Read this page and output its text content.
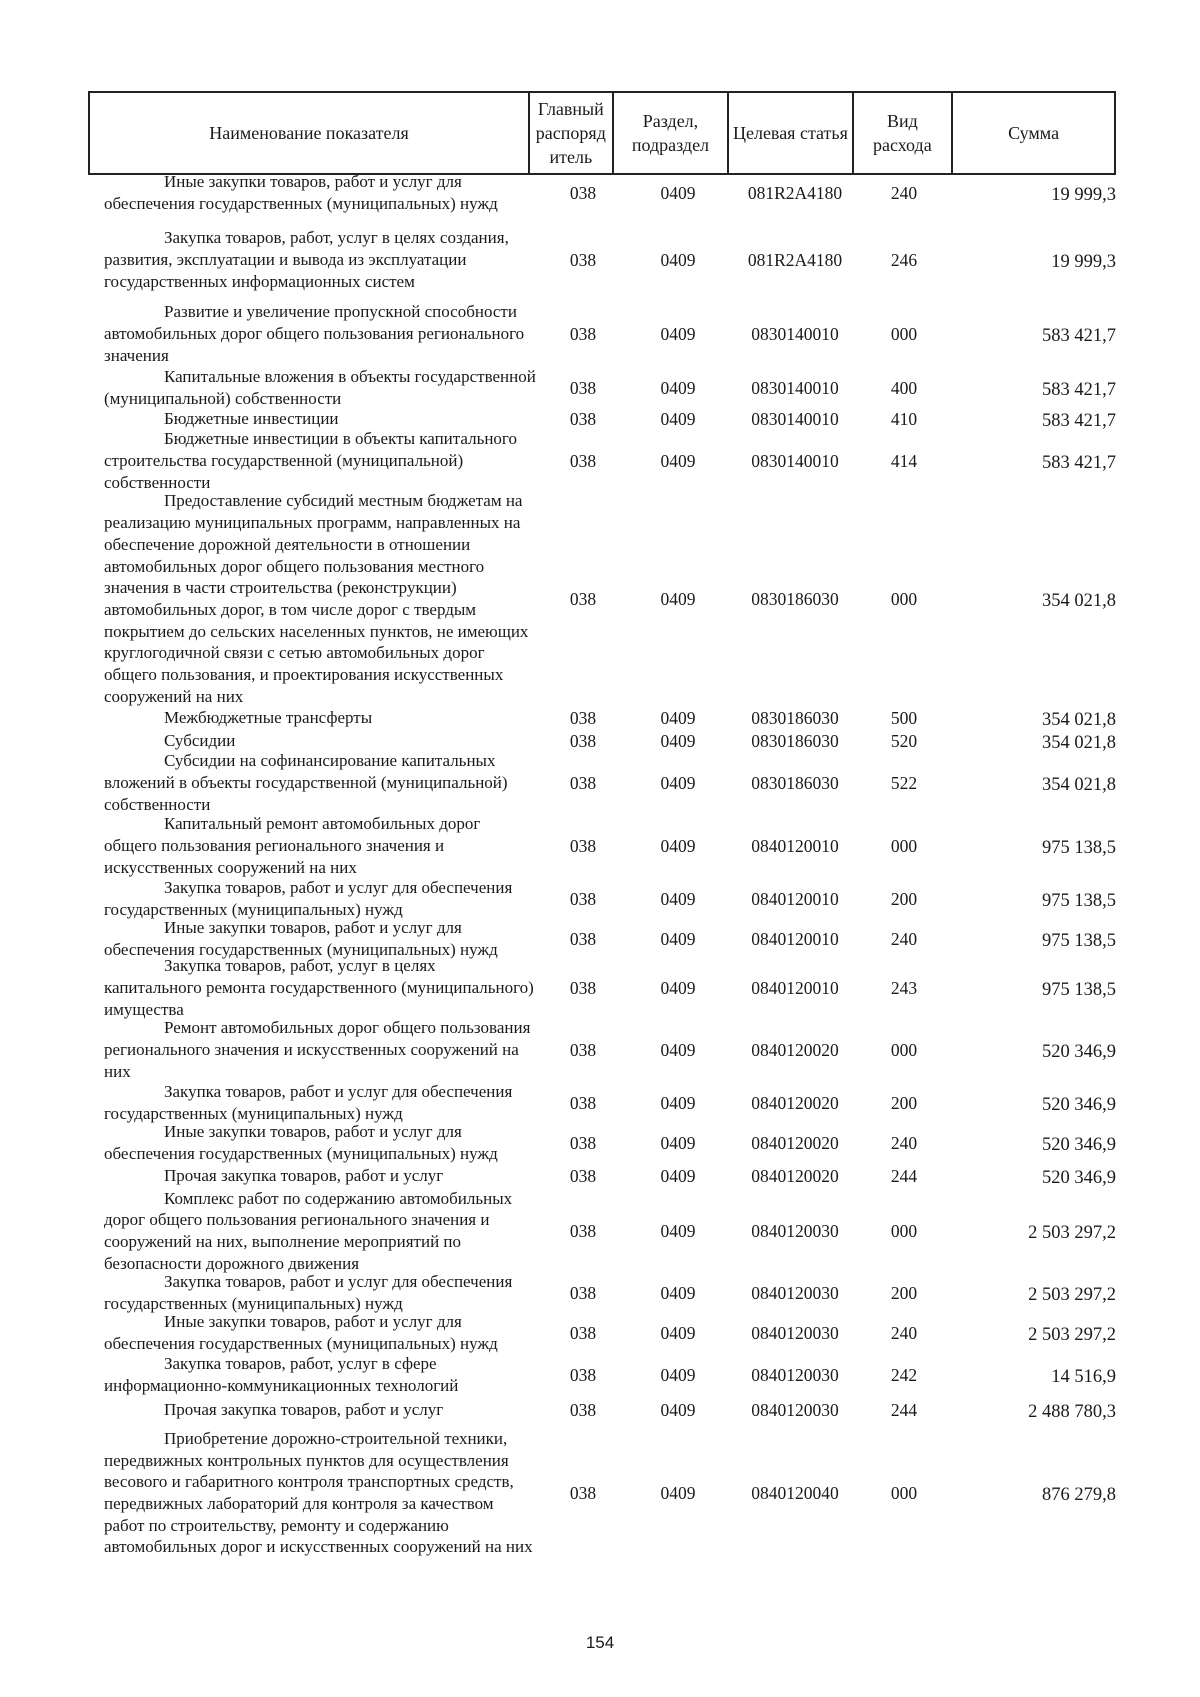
Наименование показателя	Главный распоряд итель	Раздел, подраздел	Целевая статья	Вид расхода	Сумма
Иные закупки товаров, работ и услуг для обеспечения государственных (муниципальных) нужд
038	0409	081R2A4180	240	19 999,3
Закупка товаров, работ, услуг в целях создания, развития, эксплуатации и вывода из эксплуатации государственных информационных систем
038	0409	081R2A4180	246	19 999,3
Развитие и увеличение пропускной способности автомобильных дорог общего пользования регионального значения
038	0409	0830140010	000	583 421,7
Капитальные вложения в объекты государственной (муниципальной) собственности
038	0409	0830140010	400	583 421,7
Бюджетные инвестиции	038	0409	0830140010	410	583 421,7
Бюджетные инвестиции в объекты капитального строительства государственной (муниципальной) собственности
038	0409	0830140010	414	583 421,7
Предоставление субсидий местным бюджетам на реализацию муниципальных программ, направленных на обеспечение дорожной деятельности в отношении автомобильных дорог общего пользования местного значения в части строительства (реконструкции) автомобильных дорог, в том числе дорог с твердым покрытием до сельских населенных пунктов, не имеющих круглогодичной связи с сетью автомобильных дорог общего пользования, и проектирования искусственных сооружений на них
038	0409	0830186030	000	354 021,8
Межбюджетные трансферты	038	0409	0830186030	500	354 021,8
Субсидии	038	0409	0830186030	520	354 021,8
Субсидии на софинансирование капитальных вложений в объекты государственной (муниципальной) собственности
038	0409	0830186030	522	354 021,8
Капитальный ремонт автомобильных дорог общего пользования регионального значения и искусственных сооружений на них
038	0409	0840120010	000	975 138,5
Закупка товаров, работ и услуг для обеспечения государственных (муниципальных) нужд
038	0409	0840120010	200	975 138,5
Иные закупки товаров, работ и услуг для обеспечения государственных (муниципальных) нужд
038	0409	0840120010	240	975 138,5
Закупка товаров, работ, услуг в целях капитального ремонта государственного (муниципального) имущества
038	0409	0840120010	243	975 138,5
Ремонт автомобильных дорог общего пользования регионального значения и искусственных сооружений на них
038	0409	0840120020	000	520 346,9
Закупка товаров, работ и услуг для обеспечения государственных (муниципальных) нужд
038	0409	0840120020	200	520 346,9
Иные закупки товаров, работ и услуг для обеспечения государственных (муниципальных) нужд
038	0409	0840120020	240	520 346,9
Прочая закупка товаров, работ и услуг	038	0409	0840120020	244	520 346,9
Комплекс работ по содержанию автомобильных дорог общего пользования регионального значения и сооружений на них, выполнение мероприятий по безопасности дорожного движения
038	0409	0840120030	000	2 503 297,2
Закупка товаров, работ и услуг для обеспечения государственных (муниципальных) нужд
038	0409	0840120030	200	2 503 297,2
Иные закупки товаров, работ и услуг для обеспечения государственных (муниципальных) нужд
038	0409	0840120030	240	2 503 297,2
Закупка товаров, работ, услуг в сфере информационно-коммуникационных технологий
038	0409	0840120030	242	14 516,9
Прочая закупка товаров, работ и услуг	038	0409	0840120030	244	2 488 780,3
Приобретение дорожно-строительной техники, передвижных контрольных пунктов для осуществления весового и габаритного контроля транспортных средств, передвижных лабораторий для контроля за качеством работ по строительству, ремонту и содержанию автомобильных дорог и искусственных сооружений на них
038	0409	0840120040	000	876 279,8
154
